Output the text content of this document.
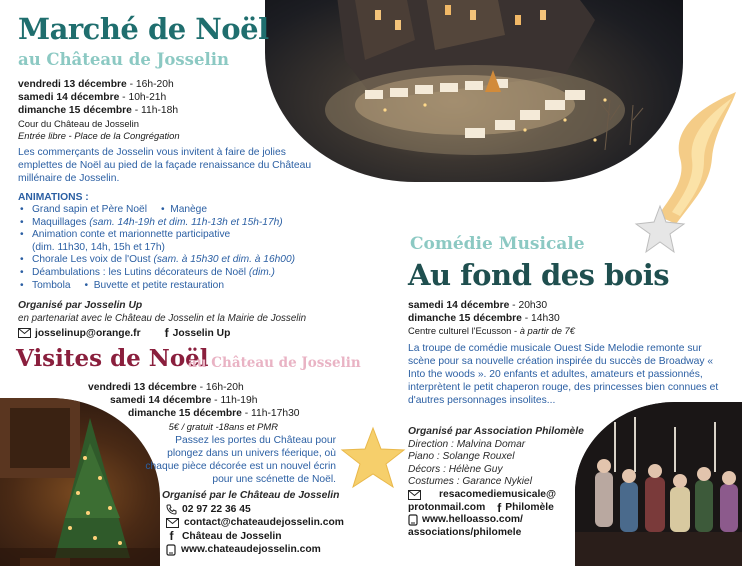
Marché de Noël
au Château de Josselin
vendredi 13 décembre - 16h-20h
samedi 14 décembre - 10h-21h
dimanche 15 décembre - 11h-18h
Cour du Château de Josselin
Entrée libre - Place de la Congrégation
Les commerçants de Josselin vous invitent à faire de jolies emplettes de Noël au pied de la façade renaissance du Château millénaire de Josselin.
ANIMATIONS :
• Grand sapin et Père Noël •  Manège
• Maquillages (sam. 14h-19h et dim. 11h-13h et 15h-17h)
• Animation conte et marionnette participative (dim. 11h30, 14h, 15h et 17h)
• Chorale Les voix de l'Oust (sam. à 15h30 et dim. à 16h00)
• Déambulations : les Lutins décorateurs de Noël (dim.)
• Tombola •  Buvette et petite restauration
Organisé par Josselin Up
en partenariat avec le Château de Josselin et la Mairie de Josselin
josselinup@orange.fr f Josselin Up
Comédie Musicale
Au fond des bois
samedi 14 décembre - 20h30
dimanche 15 décembre - 14h30
Centre culturel l'Ecusson - à partir de 7€
La troupe de comédie musicale Ouest Side Melodie remonte sur scène pour sa nouvelle création inspirée du succès de Broadway « Into the woods ». 20 enfants et adultes, amateurs et passionnés, interprètent le petit chaperon rouge, des princesses bien connues et d'autres personnages insolites...
Organisé par Association Philomèle
Direction : Malvina Domar
Piano : Solange Rouxel
Décors : Hélène Guy
Costumes : Garance Nykiel
resacomediemusicale@
protonmail.com f Philomèle
www.helloasso.com/
associations/philomele
Visites de Noël
au Château de Josselin
vendredi 13 décembre - 16h-20h
samedi 14 décembre - 11h-19h
dimanche 15 décembre - 11h-17h30
5€ / gratuit -18ans et PMR
Passez les portes du Château pour plongez dans un univers féerique, où chaque pièce décorée est un nouvel écrin pour une scénette de Noël.
Organisé par le Château de Josselin
02 97 22 36 45
contact@chateaudejosselin.com
f Château de Josselin
www.chateaudejosselin.com
